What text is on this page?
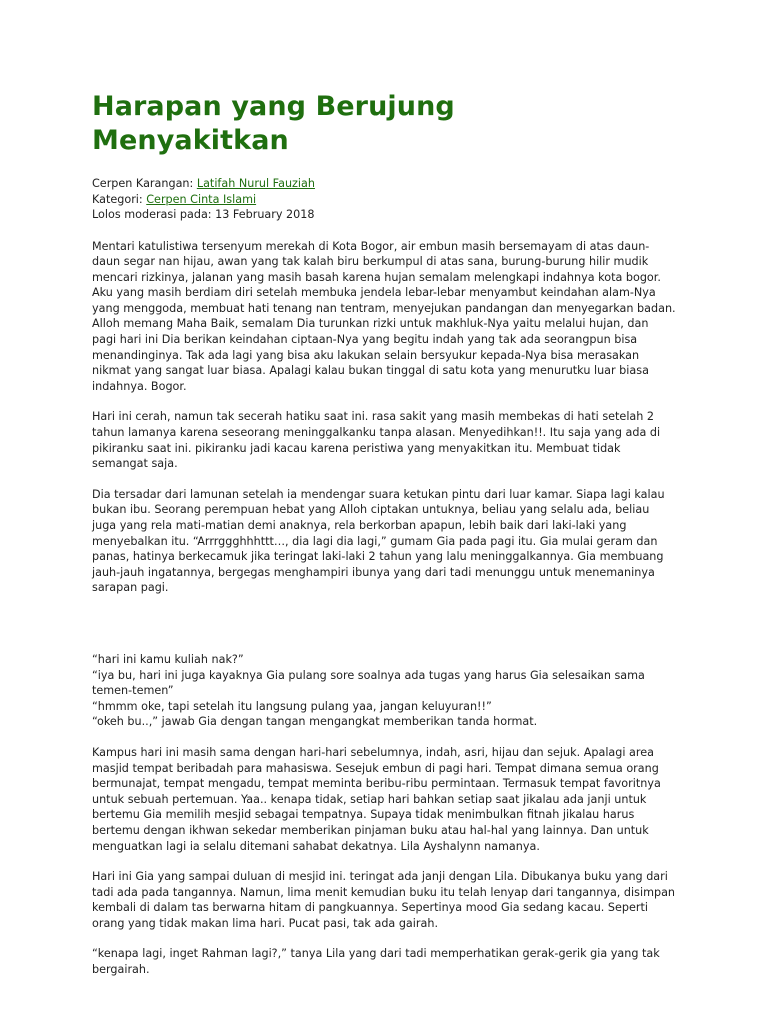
Harapan yang Berujung
Menyakitkan
Cerpen Karangan: Latifah Nurul Fauziah
Kategori: Cerpen Cinta Islami
Lolos moderasi pada: 13 February 2018

Mentari katulistiwa tersenyum merekah di Kota Bogor, air embun masih bersemayam di atas daun-daun segar nan hijau, awan yang tak kalah biru berkumpul di atas sana, burung-burung hilir mudik mencari rizkinya, jalanan yang masih basah karena hujan semalam melengkapi indahnya kota bogor. Aku yang masih berdiam diri setelah membuka jendela lebar-lebar menyambut keindahan alam-Nya yang menggoda, membuat hati tenang nan tentram, menyejukan pandangan dan menyegarkan badan. Alloh memang Maha Baik, semalam Dia turunkan rizki untuk makhluk-Nya yaitu melalui hujan, dan pagi hari ini Dia berikan keindahan ciptaan-Nya yang begitu indah yang tak ada seorangpun bisa menandinginya. Tak ada lagi yang bisa aku lakukan selain bersyukur kepada-Nya bisa merasakan nikmat yang sangat luar biasa. Apalagi kalau bukan tinggal di satu kota yang menurutku luar biasa indahnya. Bogor.

Hari ini cerah, namun tak secerah hatiku saat ini. rasa sakit yang masih membekas di hati setelah 2 tahun lamanya karena seseorang meninggalkanku tanpa alasan. Menyedihkan!!. Itu saja yang ada di pikiranku saat ini. pikiranku jadi kacau karena peristiwa yang menyakitkan itu. Membuat tidak semangat saja.

Dia tersadar dari lamunan setelah ia mendengar suara ketukan pintu dari luar kamar. Siapa lagi kalau bukan ibu. Seorang perempuan hebat yang Alloh ciptakan untuknya, beliau yang selalu ada, beliau juga yang rela mati-matian demi anaknya, rela berkorban apapun, lebih baik dari laki-laki yang menyebalkan itu. “Arrrggghhhttt…, dia lagi dia lagi,” gumam Gia pada pagi itu. Gia mulai geram dan panas, hatinya berkecamuk jika teringat laki-laki 2 tahun yang lalu meninggalkannya. Gia membuang jauh-jauh ingatannya, bergegas menghampiri ibunya yang dari tadi menunggu untuk menemaninya sarapan pagi.

“hari ini kamu kuliah nak?”

“iya bu, hari ini juga kayaknya Gia pulang sore soalnya ada tugas yang harus Gia selesaikan sama temen-temen”

“hmmm oke, tapi setelah itu langsung pulang yaa, jangan keluyuran!!”

“okeh bu..,” jawab Gia dengan tangan mengangkat memberikan tanda hormat.

Kampus hari ini masih sama dengan hari-hari sebelumnya, indah, asri, hijau dan sejuk. Apalagi area masjid tempat beribadah para mahasiswa. Sesejuk embun di pagi hari. Tempat dimana semua orang bermunajat, tempat mengadu, tempat meminta beribu-ribu permintaan. Termasuk tempat favoritnya untuk sebuah pertemuan. Yaa.. kenapa tidak, setiap hari bahkan setiap saat jikalau ada janji untuk bertemu Gia memilih mesjid sebagai tempatnya. Supaya tidak menimbulkan fitnah jikalau harus bertemu dengan ikhwan sekedar memberikan pinjaman buku atau hal-hal yang lainnya. Dan untuk menguatkan lagi ia selalu ditemani sahabat dekatnya. Lila Ayshalynn namanya.

Hari ini Gia yang sampai duluan di mesjid ini. teringat ada janji dengan Lila. Dibukanya buku yang dari tadi ada pada tangannya. Namun, lima menit kemudian buku itu telah lenyap dari tangannya, disimpan kembali di dalam tas berwarna hitam di pangkuannya. Sepertinya mood Gia sedang kacau. Seperti orang yang tidak makan lima hari. Pucat pasi, tak ada gairah.

“kenapa lagi, inget Rahman lagi?,” tanya Lila yang dari tadi memperhatikan gerak-gerik gia yang tak bergairah.
